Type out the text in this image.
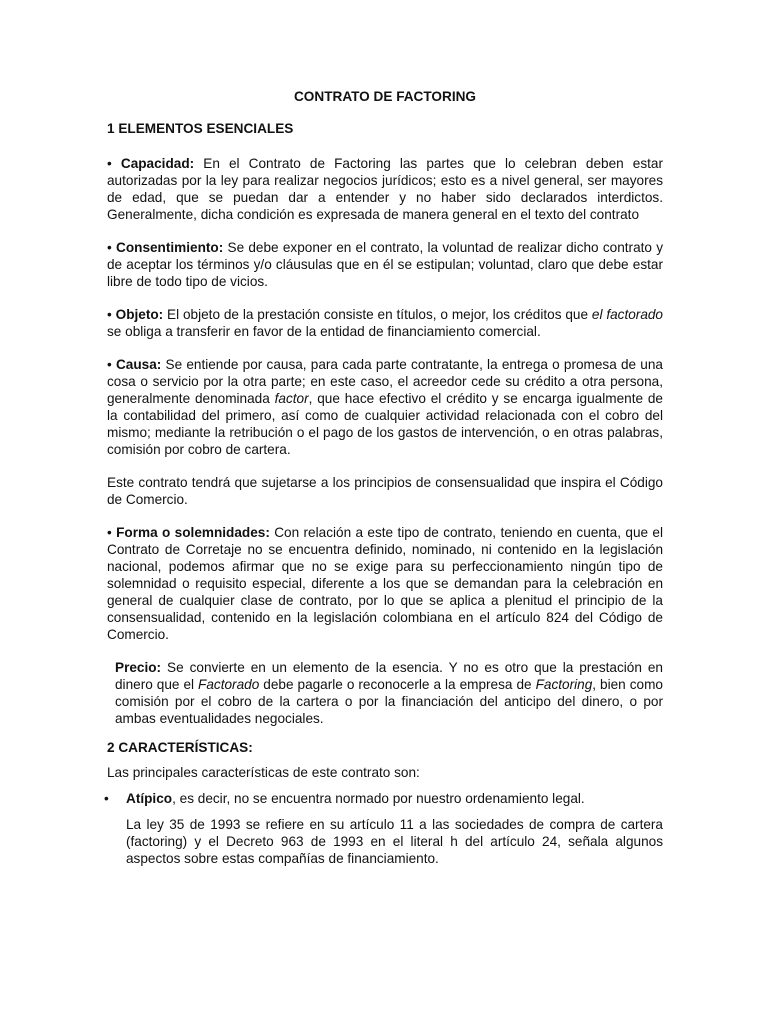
CONTRATO DE FACTORING
1 ELEMENTOS ESENCIALES

• Capacidad: En el Contrato de Factoring las partes que lo celebran deben estar autorizadas por la ley para realizar negocios jurídicos; esto es a nivel general, ser mayores de edad, que se puedan dar a entender y no haber sido declarados interdictos. Generalmente, dicha condición es expresada de manera general en el texto del contrato

• Consentimiento: Se debe exponer en el contrato, la voluntad de realizar dicho contrato y de aceptar los términos y/o cláusulas que en él se estipulan; voluntad, claro que debe estar libre de todo tipo de vicios.

• Objeto: El objeto de la prestación consiste en títulos, o mejor, los créditos que el factorado se obliga a transferir en favor de la entidad de financiamiento comercial.

• Causa: Se entiende por causa, para cada parte contratante, la entrega o promesa de una cosa o servicio por la otra parte; en este caso, el acreedor cede su crédito a otra persona, generalmente denominada factor, que hace efectivo el crédito y se encarga igualmente de la contabilidad del primero, así como de cualquier actividad relacionada con el cobro del mismo; mediante la retribución o el pago de los gastos de intervención, o en otras palabras, comisión por cobro de cartera.

Este contrato tendrá que sujetarse a los principios de consensualidad que inspira el Código de Comercio.

• Forma o solemnidades: Con relación a este tipo de contrato, teniendo en cuenta, que el Contrato de Corretaje no se encuentra definido, nominado, ni contenido en la legislación nacional, podemos afirmar que no se exige para su perfeccionamiento ningún tipo de solemnidad o requisito especial, diferente a los que se demandan para la celebración en general de cualquier clase de contrato, por lo que se aplica a plenitud el principio de la consensualidad, contenido en la legislación colombiana en el artículo 824 del Código de Comercio.

Precio: Se convierte en un elemento de la esencia. Y no es otro que la prestación en dinero que el Factorado debe pagarle o reconocerle a la empresa de Factoring, bien como comisión por el cobro de la cartera o por la financiación del anticipo del dinero, o por ambas eventualidades negociales.

2 CARACTERÍSTICAS:

Las principales características de este contrato son:

• Atípico, es decir, no se encuentra normado por nuestro ordenamiento legal.

La ley 35 de 1993 se refiere en su artículo 11 a las sociedades de compra de cartera (factoring) y el Decreto 963 de 1993 en el literal h del artículo 24, señala algunos aspectos sobre estas compañías de financiamiento.
